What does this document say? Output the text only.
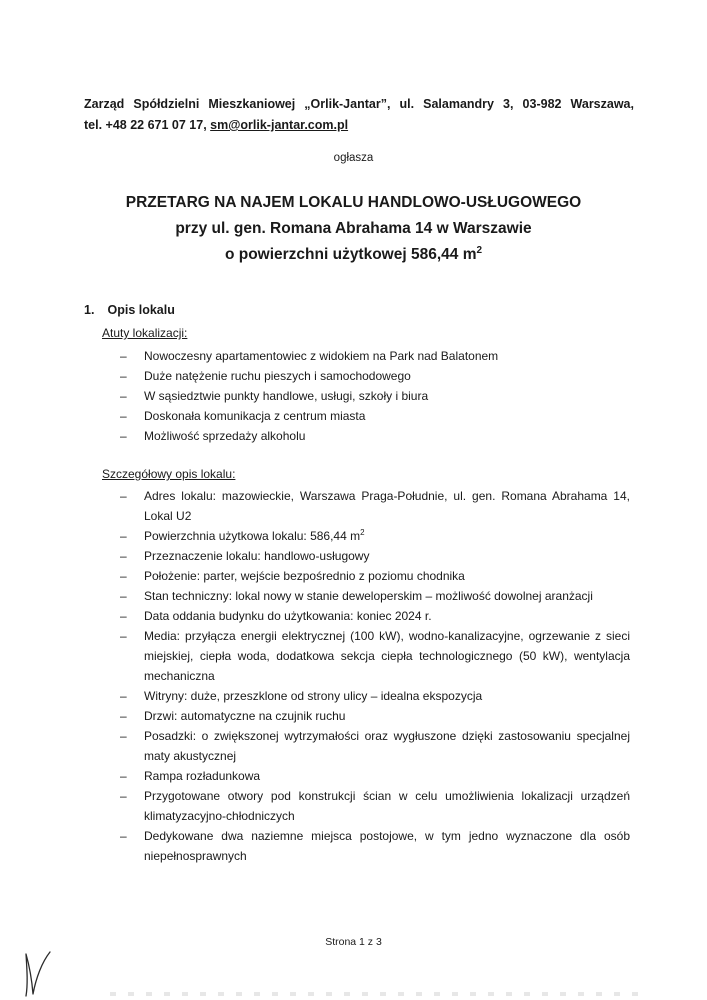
Zarząd Spółdzielni Mieszkaniowej „Orlik-Jantar”, ul. Salamandry 3, 03-982 Warszawa,
tel. +48 22 671 07 17, sm@orlik-jantar.com.pl
ogłasza
PRZETARG NA NAJEM LOKALU HANDLOWO-USŁUGOWEGO
przy ul. gen. Romana Abrahama 14 w Warszawie
o powierzchni użytkowej 586,44 $m^2$
1. Opis lokalu
Atuty lokalizacji:
– Nowoczesny apartamentowiec z widokiem na Park nad Balatonem
– Duże natężenie ruchu pieszych i samochodowego
– W sąsiedztwie punkty handlowe, usługi, szkoły i biura
– Doskonała komunikacja z centrum miasta
– Możliwość sprzedaży alkoholu
Szczegółowy opis lokalu:
– Adres lokalu: mazowieckie, Warszawa Praga-Południe, ul. gen. Romana Abrahama 14, Lokal U2
– Powierzchnia użytkowa lokalu: 586,44 $m^2$
– Przeznaczenie lokalu: handlowo-usługowy
– Położenie: parter, wejście bezpośrednio z poziomu chodnika
– Stan techniczny: lokal nowy w stanie deweloperskim – możliwość dowolnej aranżacji
– Data oddania budynku do użytkowania: koniec 2024 r.
– Media: przyłącza energii elektrycznej (100 kW), wodno-kanalizacyjne, ogrzewanie z sieci miejskiej, ciepła woda, dodatkowa sekcja ciepła technologicznego (50 kW), wentylacja mechaniczna
– Witryny: duże, przeszklone od strony ulicy – idealna ekspozycja
– Drzwi: automatyczne na czujnik ruchu
– Posadzki: o zwiększonej wytrzymałości oraz wygłuszone dzięki zastosowaniu specjalnej maty akustycznej
– Rampa rozładunkowa
– Przygotowane otwory pod konstrukcji ścian w celu umożliwienia lokalizacji urządzeń klimatyzacyjno-chłodniczych
– Dedykowane dwa naziemne miejsca postojowe, w tym jedno wyznaczone dla osób niepełnosprawnych
Strona 1 z 3
